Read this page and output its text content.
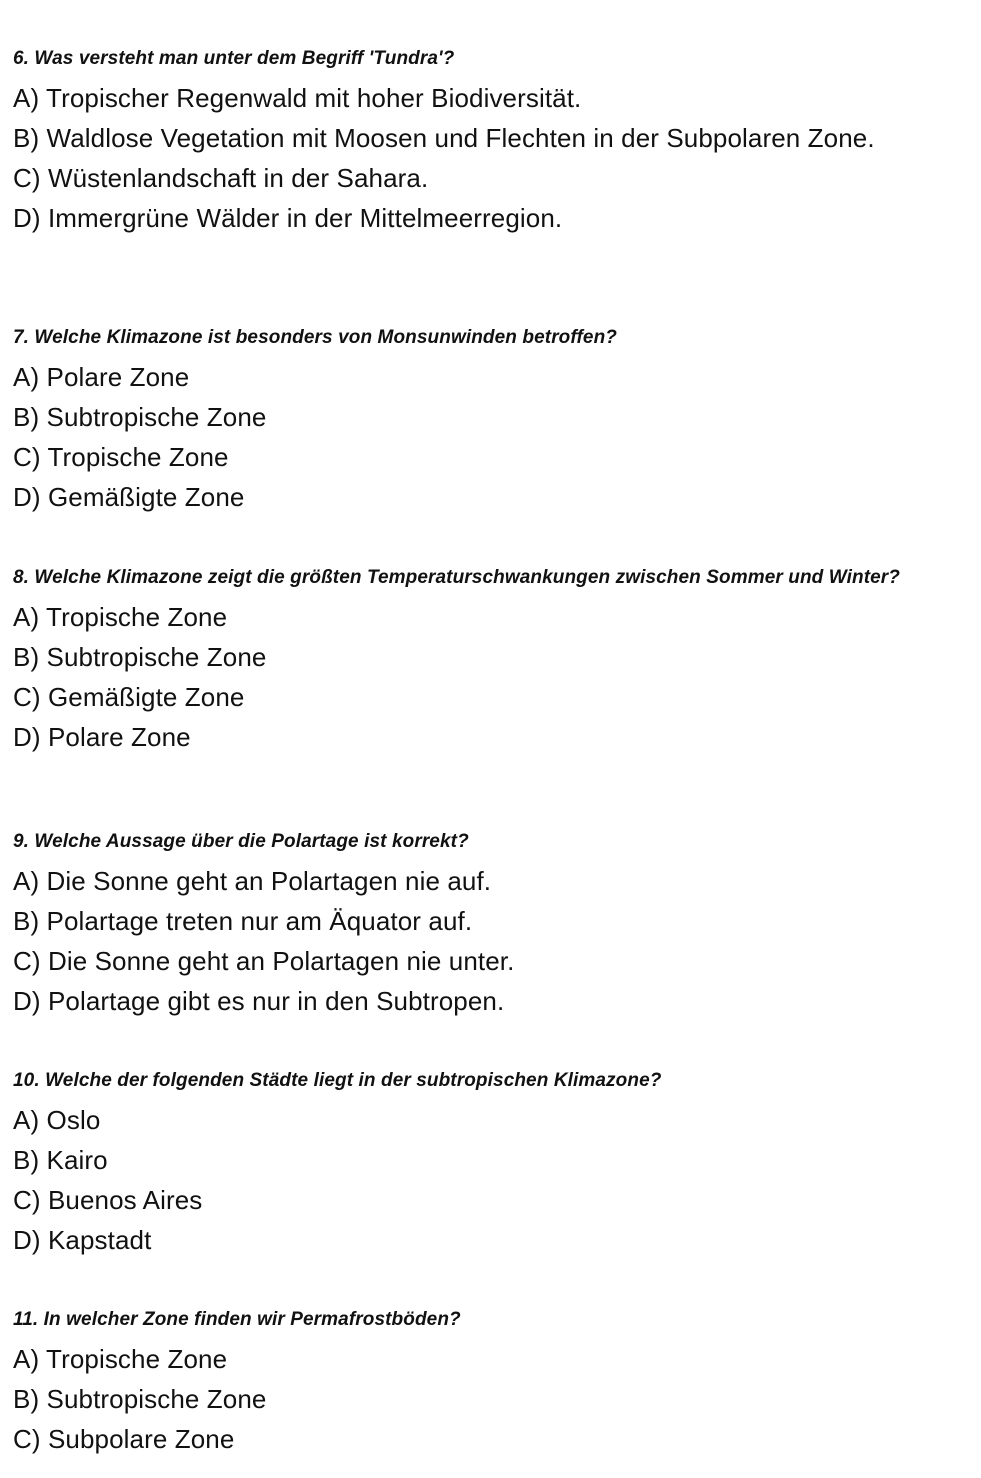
6. Was versteht man unter dem Begriff 'Tundra'?

A) Tropischer Regenwald mit hoher Biodiversität.
B) Waldlose Vegetation mit Moosen und Flechten in der Subpolaren Zone.
C) Wüstenlandschaft in der Sahara.
D) Immergrüne Wälder in der Mittelmeerregion.

7. Welche Klimazone ist besonders von Monsunwinden betroffen?

A) Polare Zone
B) Subtropische Zone
C) Tropische Zone
D) Gemäßigte Zone

8. Welche Klimazone zeigt die größten Temperaturschwankungen zwischen Sommer und Winter?

A) Tropische Zone
B) Subtropische Zone
C) Gemäßigte Zone
D) Polare Zone

9. Welche Aussage über die Polartage ist korrekt?

A) Die Sonne geht an Polartagen nie auf.
B) Polartage treten nur am Äquator auf.
C) Die Sonne geht an Polartagen nie unter.
D) Polartage gibt es nur in den Subtropen.

10. Welche der folgenden Städte liegt in der subtropischen Klimazone?

A) Oslo
B) Kairo
C) Buenos Aires
D) Kapstadt

11. In welcher Zone finden wir Permafrostböden?

A) Tropische Zone
B) Subtropische Zone
C) Subpolare Zone
